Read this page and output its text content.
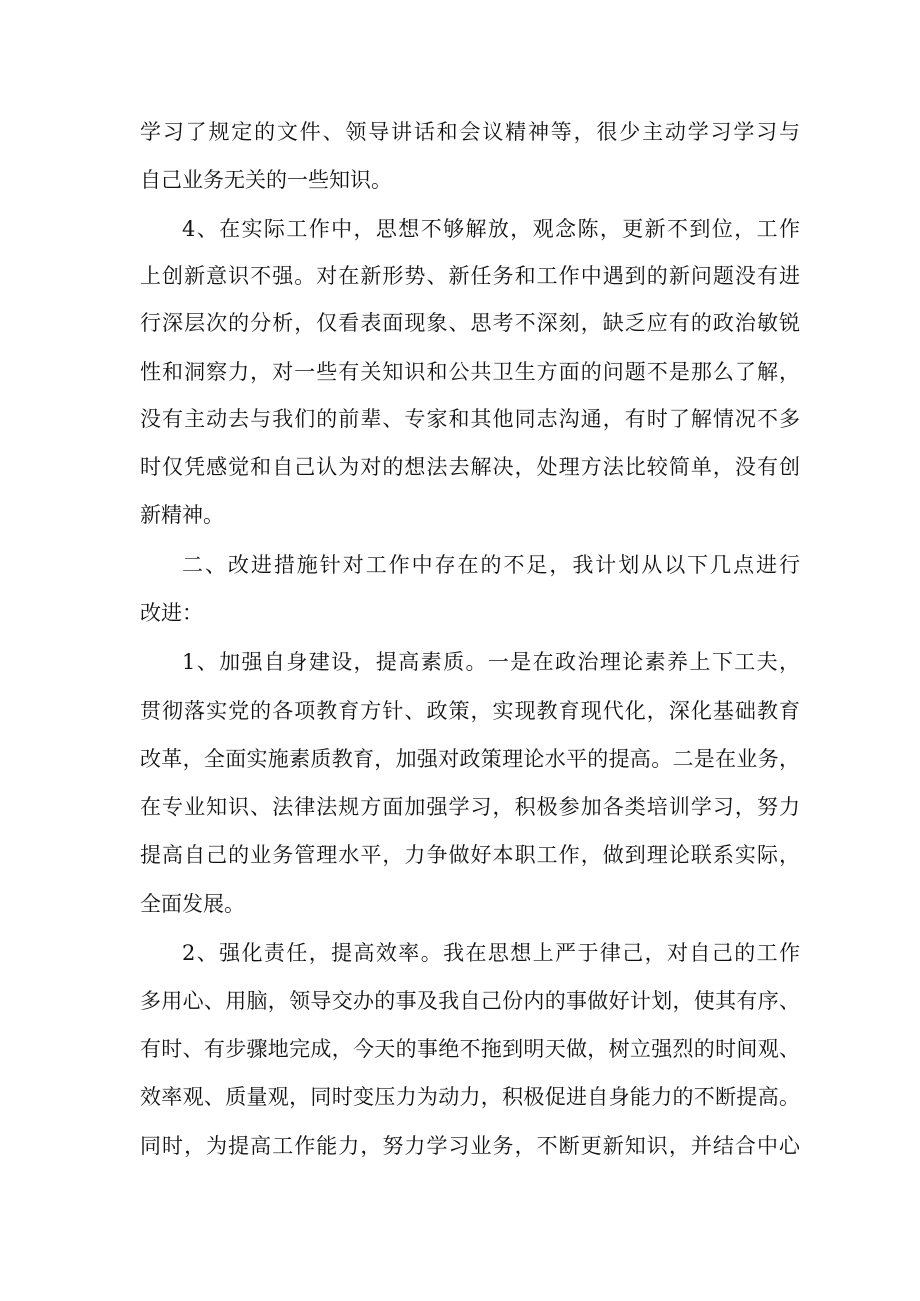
学习了规定的文件、领导讲话和会议精神等，很少主动学习学习与
自己业务无关的一些知识。
4、在实际工作中，思想不够解放，观念陈，更新不到位，工作
上创新意识不强。对在新形势、新任务和工作中遇到的新问题没有进
行深层次的分析，仅看表面现象、思考不深刻，缺乏应有的政治敏锐
性和洞察力，对一些有关知识和公共卫生方面的问题不是那么了解，
没有主动去与我们的前辈、专家和其他同志沟通，有时了解情况不多
时仅凭感觉和自己认为对的想法去解决，处理方法比较简单，没有创
新精神。
二、改进措施针对工作中存在的不足，我计划从以下几点进行
改进：
1、加强自身建设，提高素质。一是在政治理论素养上下工夫，
贯彻落实党的各项教育方针、政策，实现教育现代化，深化基础教育
改革，全面实施素质教育，加强对政策理论水平的提高。二是在业务，
在专业知识、法律法规方面加强学习，积极参加各类培训学习，努力
提高自己的业务管理水平，力争做好本职工作，做到理论联系实际，
全面发展。
2、强化责任，提高效率。我在思想上严于律己，对自己的工作
多用心、用脑，领导交办的事及我自己份内的事做好计划，使其有序、
有时、有步骤地完成，今天的事绝不拖到明天做，树立强烈的时间观、
效率观、质量观，同时变压力为动力，积极促进自身能力的不断提高。
同时，为提高工作能力，努力学习业务，不断更新知识，并结合中心
